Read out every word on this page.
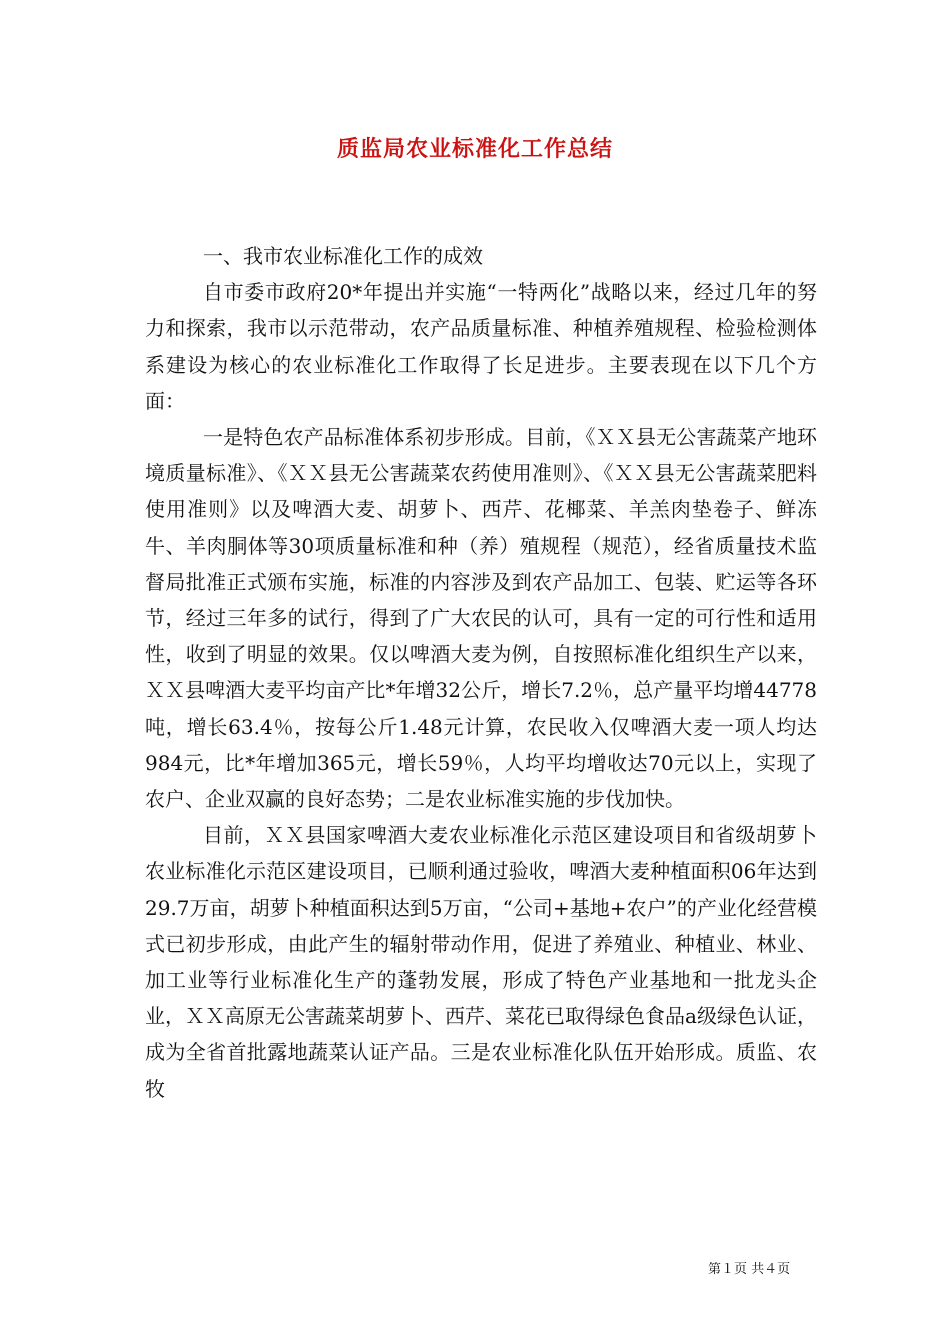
质监局农业标准化工作总结

一、我市农业标准化工作的成效

自市委市政府20*年提出并实施“一特两化”战略以来，经过几年的努力和探索，我市以示范带动，农产品质量标准、种植养殖规程、检验检测体系建设为核心的农业标准化工作取得了长足进步。主要表现在以下几个方面：

一是特色农产品标准体系初步形成。目前，《ＸＸ县无公害蔬菜产地环境质量标准》、《ＸＸ县无公害蔬菜农药使用准则》、《ＸＸ县无公害蔬菜肥料使用准则》以及啤酒大麦、胡萝卜、西芹、花椰菜、羊羔肉垫卷子、鲜冻牛、羊肉胴体等30项质量标准和种（养）殖规程（规范），经省质量技术监督局批准正式颁布实施，标准的内容涉及到农产品加工、包装、贮运等各环节，经过三年多的试行，得到了广大农民的认可，具有一定的可行性和适用性，收到了明显的效果。仅以啤酒大麦为例，自按照标准化组织生产以来，ＸＸ县啤酒大麦平均亩产比*年增32公斤，增长7.2％，总产量平均增44778吨，增长63.4％，按每公斤1.48元计算，农民收入仅啤酒大麦一项人均达984元，比*年增加365元，增长59％，人均平均增收达70元以上，实现了农户、企业双赢的良好态势；二是农业标准实施的步伐加快。

目前，ＸＸ县国家啤酒大麦农业标准化示范区建设项目和省级胡萝卜农业标准化示范区建设项目，已顺利通过验收，啤酒大麦种植面积06年达到29.7万亩，胡萝卜种植面积达到5万亩，“公司+基地+农户”的产业化经营模式已初步形成，由此产生的辐射带动作用，促进了养殖业、种植业、林业、加工业等行业标准化生产的蓬勃发展，形成了特色产业基地和一批龙头企业，ＸＸ高原无公害蔬菜胡萝卜、西芹、菜花已取得绿色食品a级绿色认证，成为全省首批露地蔬菜认证产品。三是农业标准化队伍开始形成。质监、农牧

第１页 共４页
